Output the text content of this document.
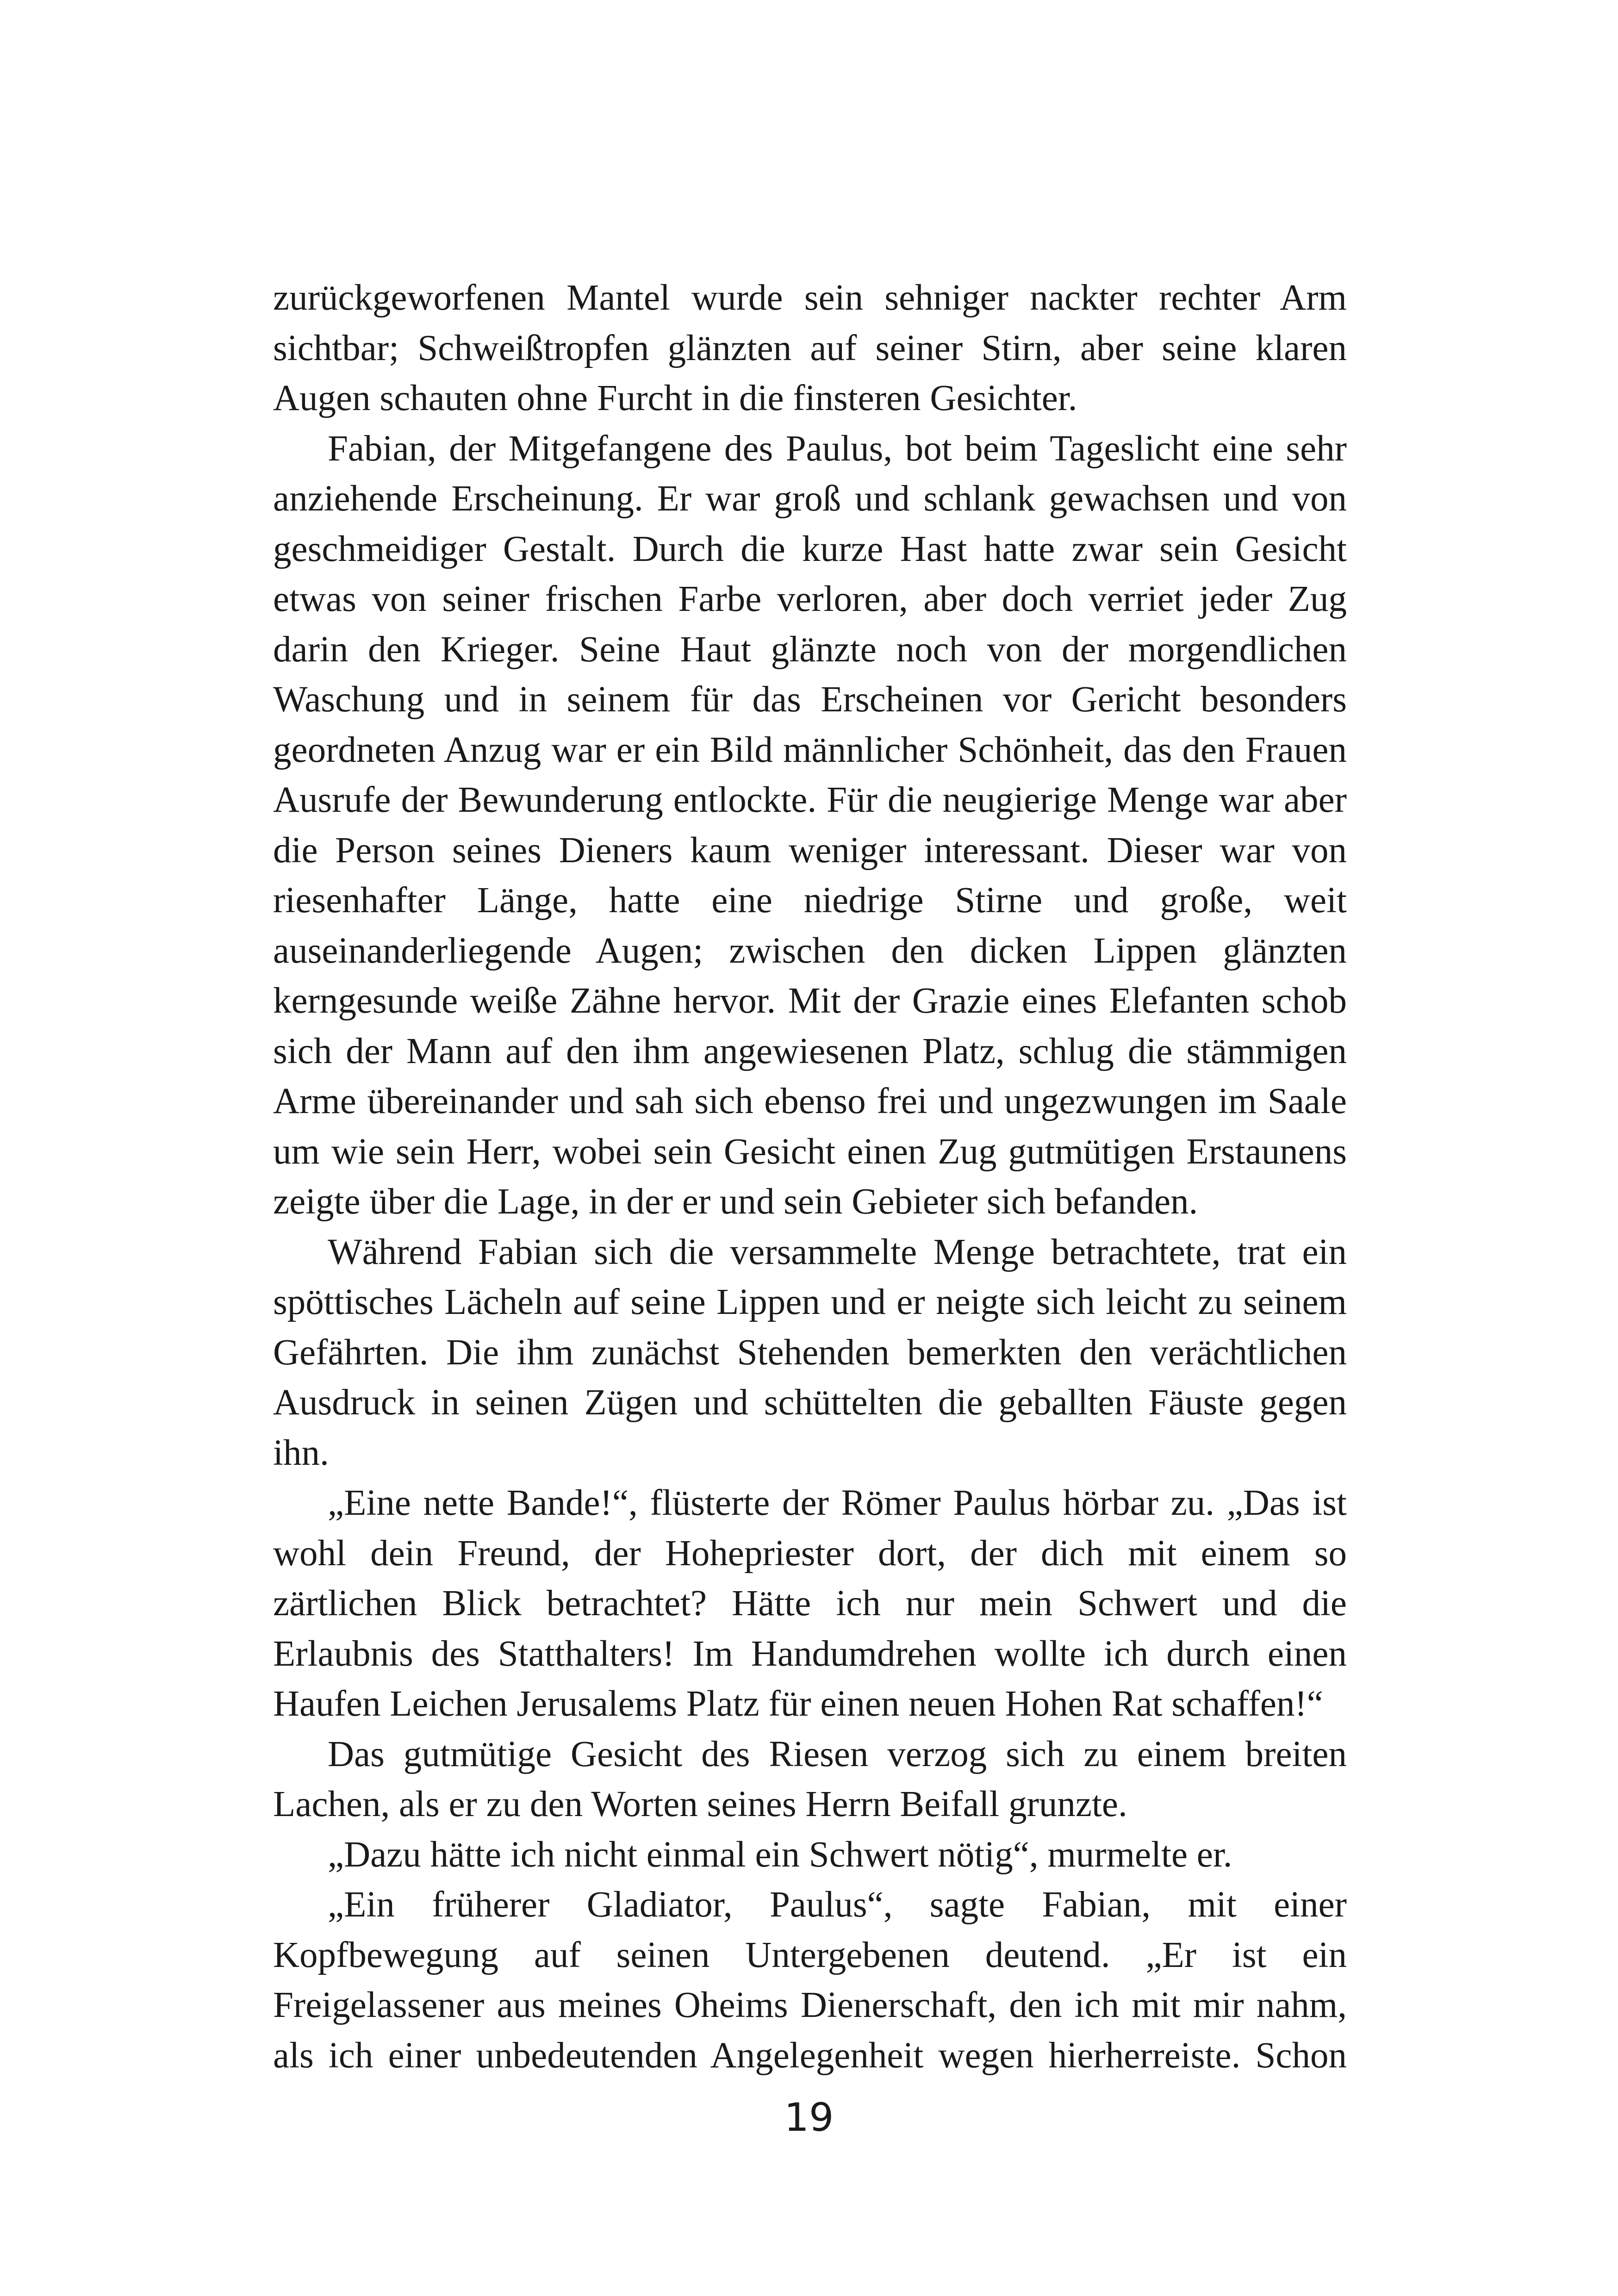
zurückgeworfenen Mantel wurde sein sehniger nackter rechter Arm sichtbar; Schweißtropfen glänzten auf seiner Stirn, aber seine klaren Augen schauten ohne Furcht in die finsteren Gesichter.

Fabian, der Mitgefangene des Paulus, bot beim Tageslicht eine sehr anziehende Erscheinung. Er war groß und schlank gewachsen und von geschmeidiger Gestalt. Durch die kurze Hast hatte zwar sein Gesicht etwas von seiner frischen Farbe verloren, aber doch verriet jeder Zug darin den Krieger. Seine Haut glänzte noch von der morgendlichen Waschung und in seinem für das Erscheinen vor Gericht besonders geordneten Anzug war er ein Bild männlicher Schönheit, das den Frauen Ausrufe der Bewunderung entlockte. Für die neugierige Menge war aber die Person seines Dieners kaum weniger interessant. Dieser war von riesenhafter Länge, hatte eine niedrige Stirne und große, weit auseinanderliegende Augen; zwischen den dicken Lippen glänzten kerngesunde weiße Zähne hervor. Mit der Grazie eines Elefanten schob sich der Mann auf den ihm angewiesenen Platz, schlug die stämmigen Arme übereinander und sah sich ebenso frei und ungezwungen im Saale um wie sein Herr, wobei sein Gesicht einen Zug gutmütigen Erstaunens zeigte über die Lage, in der er und sein Gebieter sich befanden.

Während Fabian sich die versammelte Menge betrachtete, trat ein spöttisches Lächeln auf seine Lippen und er neigte sich leicht zu seinem Gefährten. Die ihm zunächst Stehenden bemerkten den verächtlichen Ausdruck in seinen Zügen und schüttelten die geballten Fäuste gegen ihn.

„Eine nette Bande!“, flüsterte der Römer Paulus hörbar zu. „Das ist wohl dein Freund, der Hohepriester dort, der dich mit einem so zärtlichen Blick betrachtet? Hätte ich nur mein Schwert und die Erlaubnis des Statthalters! Im Handumdrehen wollte ich durch einen Haufen Leichen Jerusalems Platz für einen neuen Hohen Rat schaffen!“

Das gutmütige Gesicht des Riesen verzog sich zu einem breiten Lachen, als er zu den Worten seines Herrn Beifall grunzte.

„Dazu hätte ich nicht einmal ein Schwert nötig“, murmelte er.

„Ein früherer Gladiator, Paulus“, sagte Fabian, mit einer Kopfbewegung auf seinen Untergebenen deutend. „Er ist ein Freigelassener aus meines Oheims Dienerschaft, den ich mit mir nahm, als ich einer unbedeutenden Angelegenheit wegen hierherreiste. Schon

19
